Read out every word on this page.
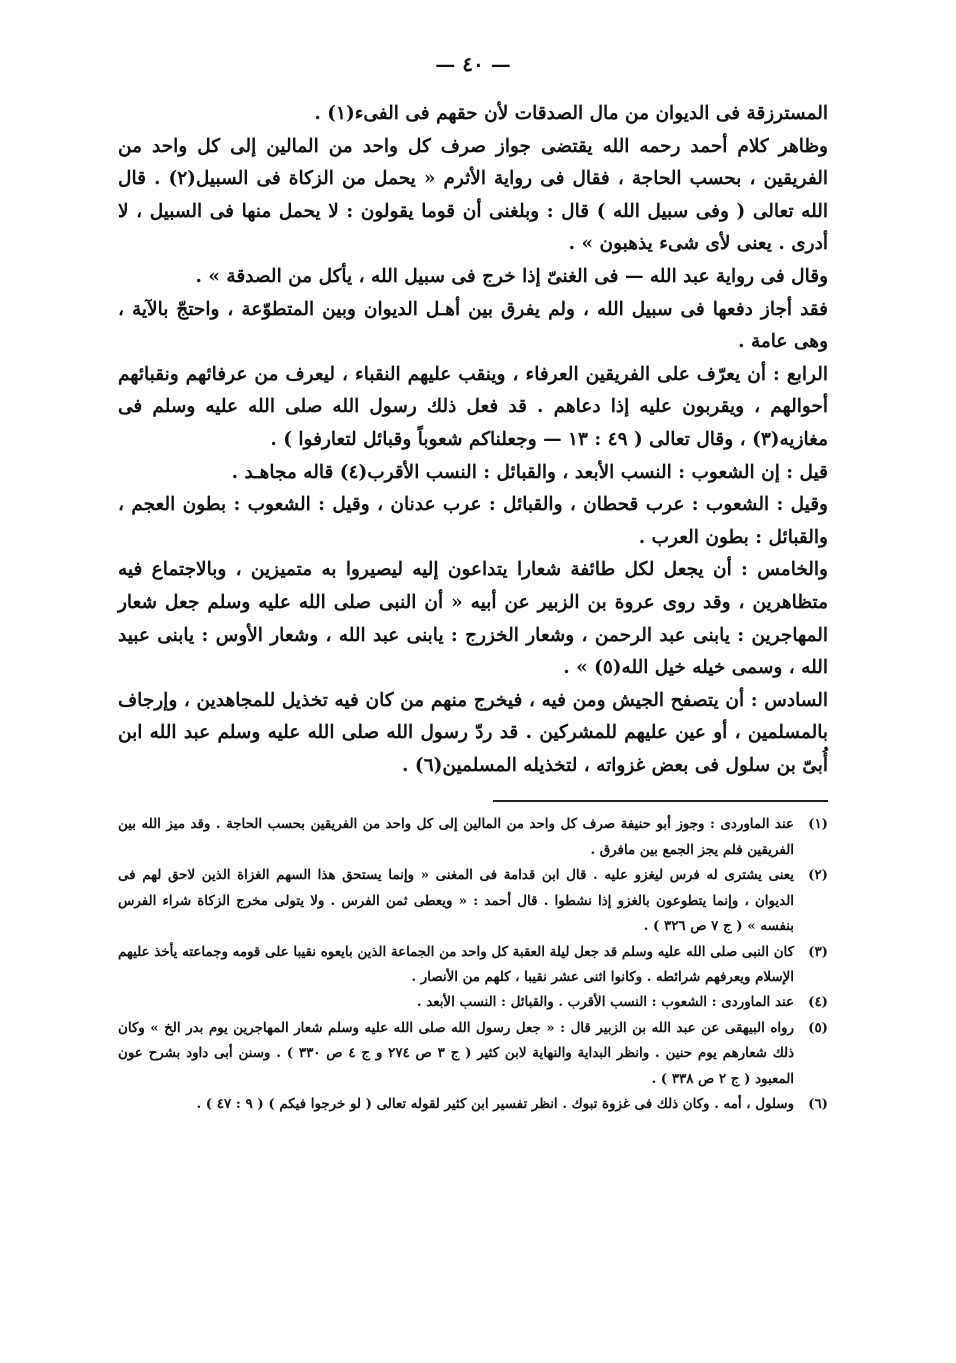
— ٤٠ —

المسترزقة فى الديوان من مال الصدقات لأن حقهم فى الفىء(١) .

وظاهر كلام أحمد رحمه الله يقتضى جواز صرف كل واحد من المالين إلى كل واحد من الفريقين ، بحسب الحاجة ، فقال فى رواية الأثرم « يحمل من الزكاة فى السبيل(٢) . قال الله تعالى ( وفى سبيل الله ) قال : وبلغنى أن قوما يقولون : لا يحمل منها فى السبيل ، لا أدرى . يعنى لأى شىء يذهبون » .

وقال فى رواية عبد الله — فى الغنىّ إذا خرج فى سبيل الله ، يأكل من الصدقة » .

فقد أجاز دفعها فى سبيل الله ، ولم يفرق بين أهـل الديوان وبين المتطوّعة ، واحتجّ بالآية ، وهى عامة .

الرابع : أن يعرّف على الفريقين العرفاء ، وينقب عليهم النقباء ، ليعرف من عرفائهم ونقبائهم أحوالهم ، ويقربون عليه إذا دعاهم . قد فعل ذلك رسول الله صلى الله عليه وسلم فى مغازيه(٣) ، وقال تعالى ( ٤٩ : ١٣ — وجعلناكم شعوباً وقبائل لتعارفوا ) .

قيل : إن الشعوب : النسب الأبعد ، والقبائل : النسب الأقرب(٤) قاله مجاهـد .

وقيل : الشعوب : عرب قحطان ، والقبائل : عرب عدنان ، وقيل : الشعوب : بطون العجم ، والقبائل : بطون العرب .

والخامس : أن يجعل لكل طائفة شعارا يتداعون إليه ليصيروا به متميزين ، وبالاجتماع فيه متظاهرين ، وقد روى عروة بن الزبير عن أبيه « أن النبى صلى الله عليه وسلم جعل شعار المهاجرين : يابنى عبد الرحمن ، وشعار الخزرج : يابنى عبد الله ، وشعار الأوس : يابنى عبيد الله ، وسمى خيله خيل الله(٥) » .

السادس : أن يتصفح الجيش ومن فيه ، فيخرج منهم من كان فيه تخذيل للمجاهدين ، وإرجاف بالمسلمين ، أو عين عليهم للمشركين . قد ردّ رسول الله صلى الله عليه وسلم عبد الله ابن أُبىّ بن سلول فى بعض غزواته ، لتخذيله المسلمين(٦) .

(١)
عند الماوردى : وجوز أبو حنيفة صرف كل واحد من المالين إلى كل واحد من الفريقين بحسب الحاجة . وقد ميز الله بين الفريقين فلم يجز الجمع بين مافرق .
(٢)
يعنى يشترى له فرس ليغزو عليه . قال ابن قدامة فى المغنى « وإنما يستحق هذا السهم الغزاة الذين لاحق لهم فى الديوان ، وإنما يتطوعون بالغزو إذا نشطوا . قال أحمد : « ويعطى ثمن الفرس . ولا يتولى مخرج الزكاة شراء الفرس بنفسه » ( ج ٧ ص ٣٢٦ ) .
(٣)
كان النبى صلى الله عليه وسلم قد جعل ليلة العقبة كل واحد من الجماعة الذين بايعوه نقيبا على قومه وجماعته يأخذ عليهم الإسلام ويعرفهم شرائطه . وكانوا اثنى عشر نقيبا ، كلهم من الأنصار .
(٤)
عند الماوردى : الشعوب : النسب الأقرب . والقبائل : النسب الأبعد .
(٥)
رواه البيهقى عن عبد الله بن الزبير قال : « جعل رسول الله صلى الله عليه وسلم شعار المهاجرين يوم بدر الخ » وكان ذلك شعارهم يوم حنين . وانظر البداية والنهاية لابن كثير ( ج ٣ ص ٢٧٤ و ج ٤ ص ٣٣٠ ) . وسنن أبى داود بشرح عون المعبود ( ج ٢ ص ٣٣٨ ) .
(٦)
وسلول ، أمه . وكان ذلك فى غزوة تبوك . انظر تفسير ابن كثير لقوله تعالى ( لو خرجوا فيكم ) ( ٩ : ٤٧ ) .
